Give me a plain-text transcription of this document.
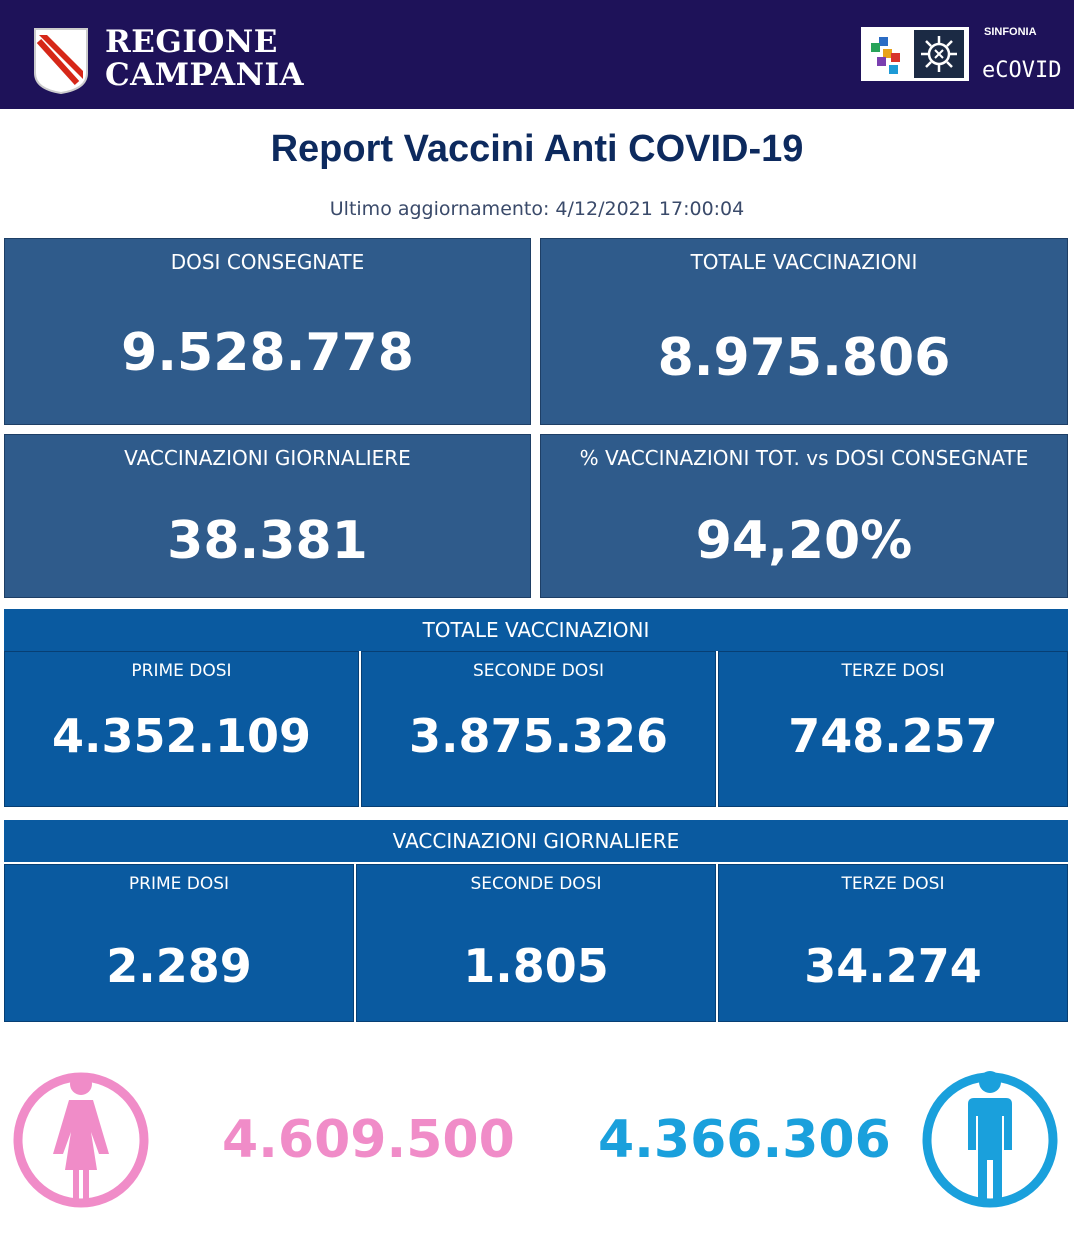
REGIONE
CAMPANIA
SINFONIA
eCOVID
Report Vaccini Anti COVID-19
Ultimo aggiornamento: 4/12/2021 17:00:04
DOSI CONSEGNATE
9.528.778
TOTALE VACCINAZIONI
8.975.806
VACCINAZIONI GIORNALIERE
38.381
% VACCINAZIONI TOT. vs DOSI CONSEGNATE
94,20%
TOTALE VACCINAZIONI
PRIME DOSI
4.352.109
SECONDE DOSI
3.875.326
TERZE DOSI
748.257
VACCINAZIONI GIORNALIERE
PRIME DOSI
2.289
SECONDE DOSI
1.805
TERZE DOSI
34.274
4.609.500 4.366.306
